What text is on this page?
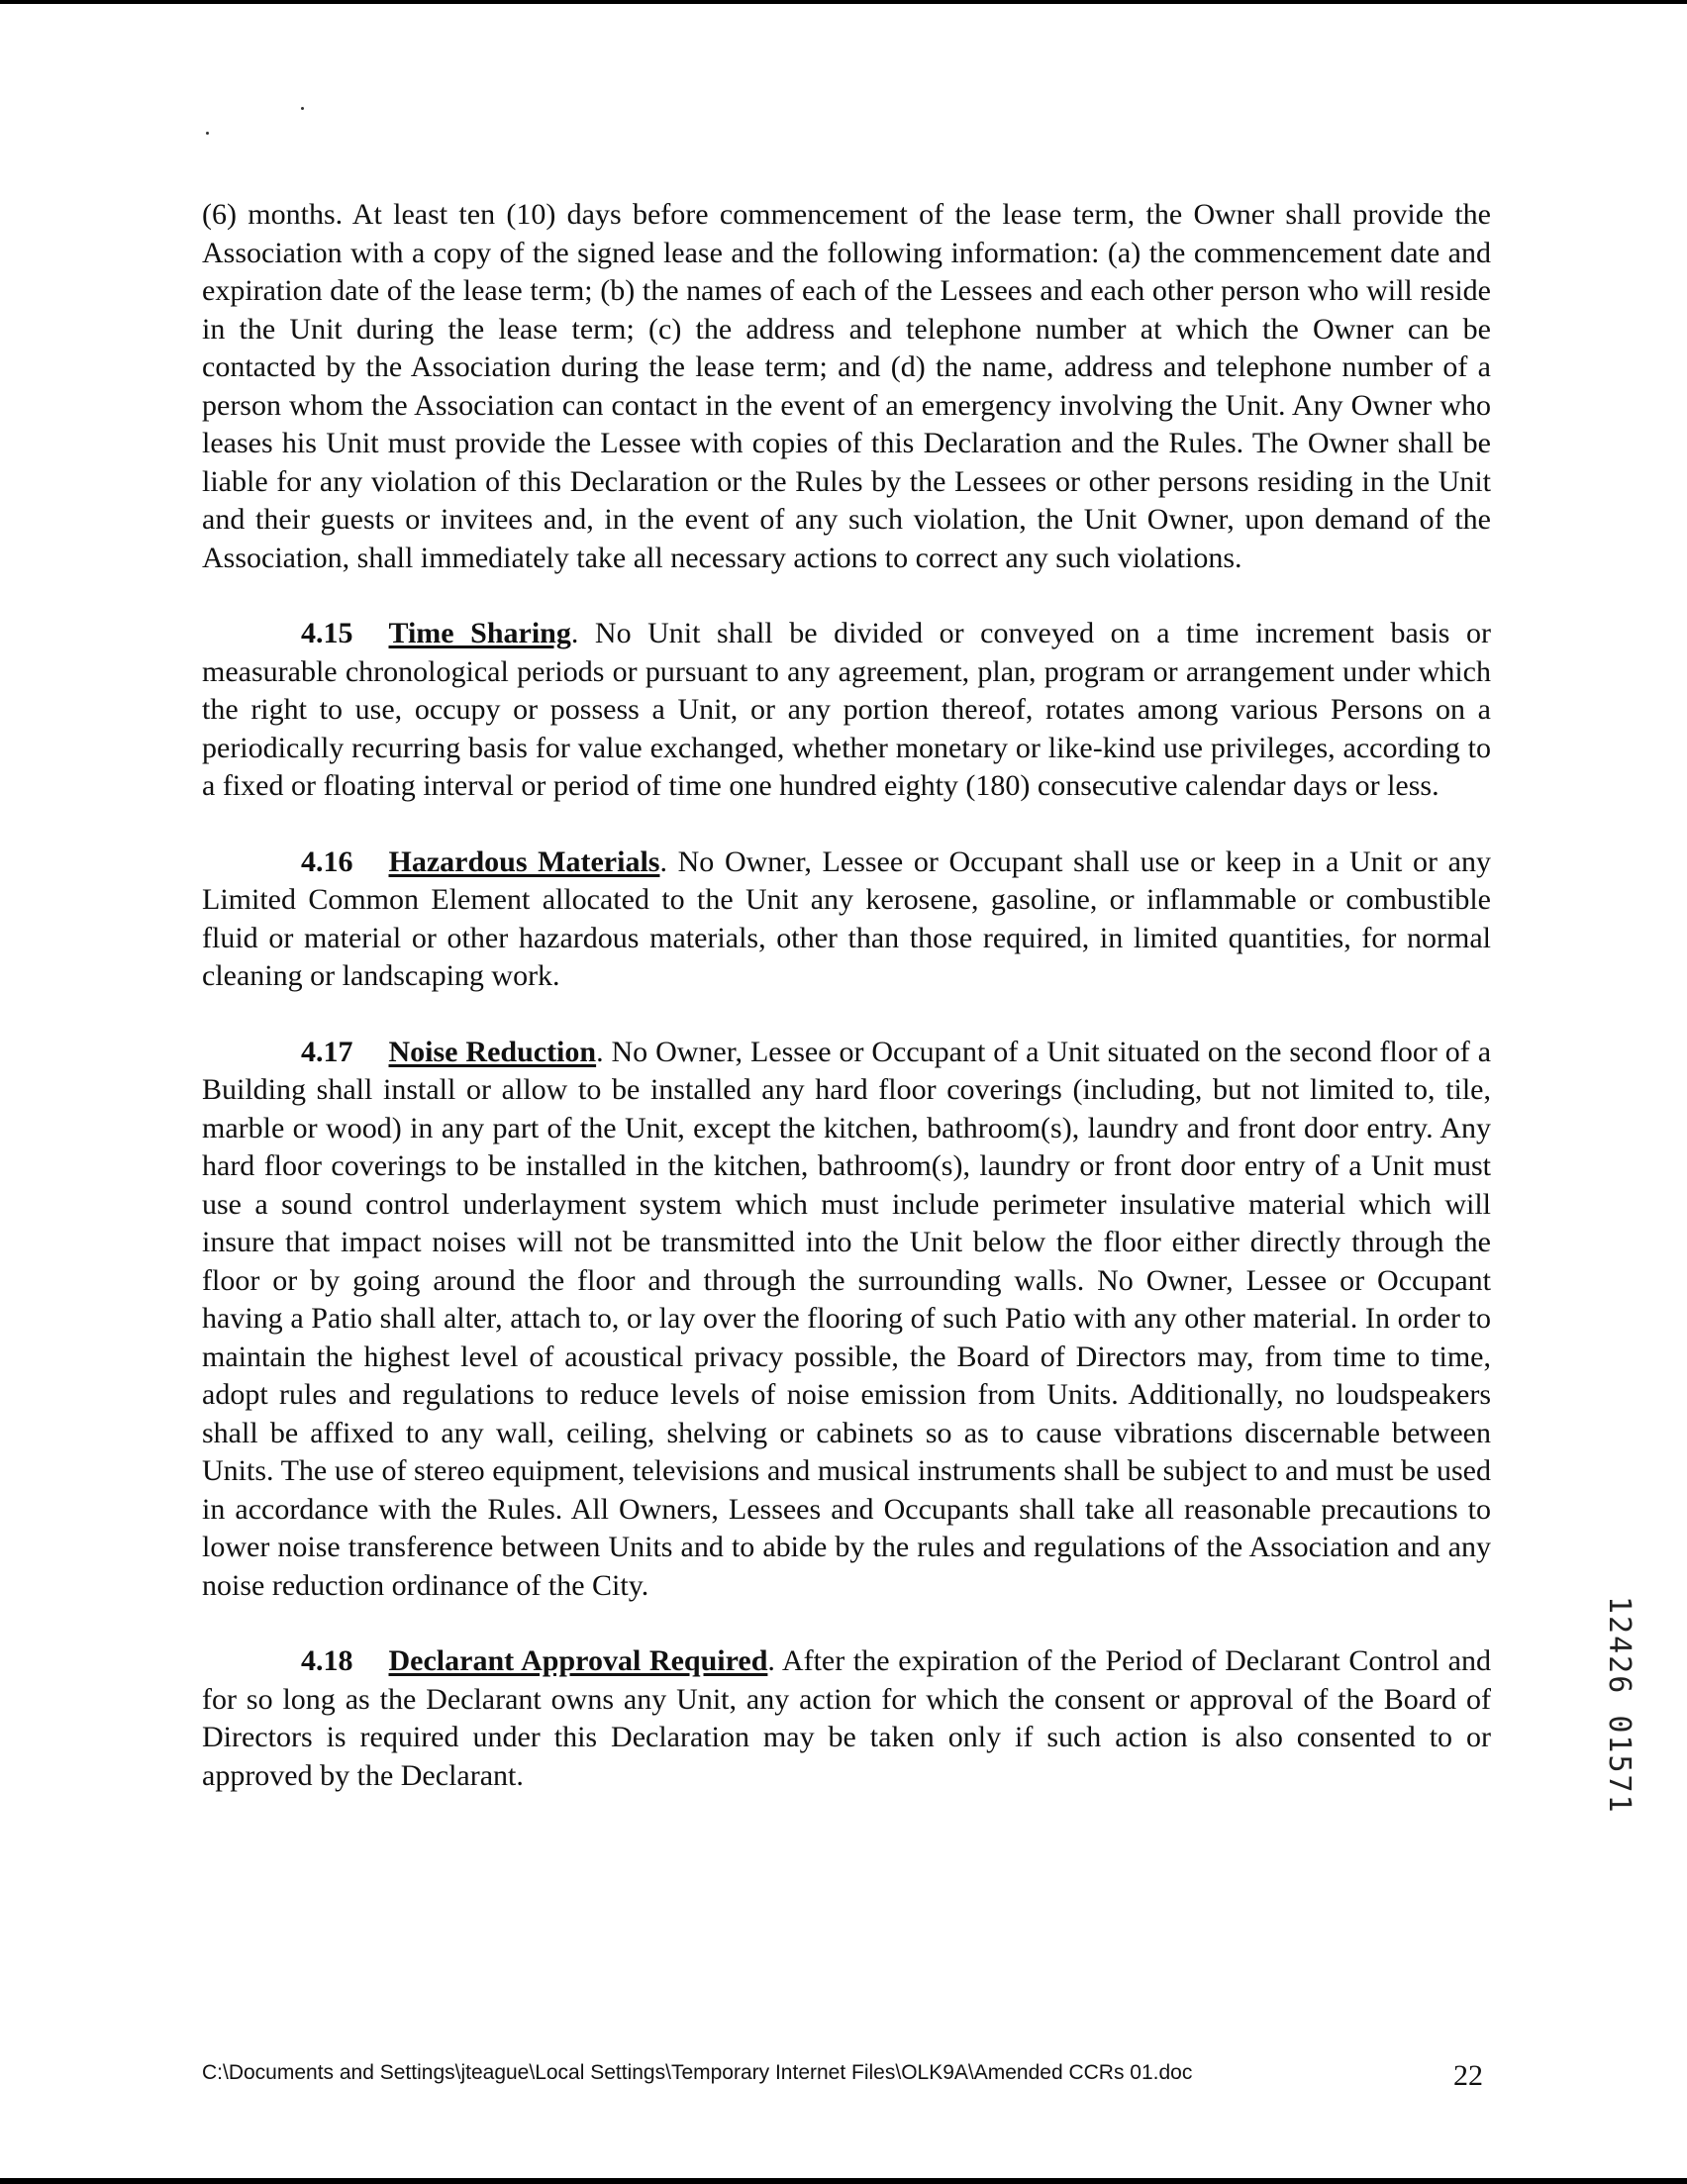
(6) months. At least ten (10) days before commencement of the lease term, the Owner shall provide the Association with a copy of the signed lease and the following information: (a) the commencement date and expiration date of the lease term; (b) the names of each of the Lessees and each other person who will reside in the Unit during the lease term; (c) the address and telephone number at which the Owner can be contacted by the Association during the lease term; and (d) the name, address and telephone number of a person whom the Association can contact in the event of an emergency involving the Unit. Any Owner who leases his Unit must provide the Lessee with copies of this Declaration and the Rules. The Owner shall be liable for any violation of this Declaration or the Rules by the Lessees or other persons residing in the Unit and their guests or invitees and, in the event of any such violation, the Unit Owner, upon demand of the Association, shall immediately take all necessary actions to correct any such violations.

4.15 Time Sharing. No Unit shall be divided or conveyed on a time increment basis or measurable chronological periods or pursuant to any agreement, plan, program or arrangement under which the right to use, occupy or possess a Unit, or any portion thereof, rotates among various Persons on a periodically recurring basis for value exchanged, whether monetary or like-kind use privileges, according to a fixed or floating interval or period of time one hundred eighty (180) consecutive calendar days or less.

4.16 Hazardous Materials. No Owner, Lessee or Occupant shall use or keep in a Unit or any Limited Common Element allocated to the Unit any kerosene, gasoline, or inflammable or combustible fluid or material or other hazardous materials, other than those required, in limited quantities, for normal cleaning or landscaping work.

4.17 Noise Reduction. No Owner, Lessee or Occupant of a Unit situated on the second floor of a Building shall install or allow to be installed any hard floor coverings (including, but not limited to, tile, marble or wood) in any part of the Unit, except the kitchen, bathroom(s), laundry and front door entry. Any hard floor coverings to be installed in the kitchen, bathroom(s), laundry or front door entry of a Unit must use a sound control underlayment system which must include perimeter insulative material which will insure that impact noises will not be transmitted into the Unit below the floor either directly through the floor or by going around the floor and through the surrounding walls. No Owner, Lessee or Occupant having a Patio shall alter, attach to, or lay over the flooring of such Patio with any other material. In order to maintain the highest level of acoustical privacy possible, the Board of Directors may, from time to time, adopt rules and regulations to reduce levels of noise emission from Units. Additionally, no loudspeakers shall be affixed to any wall, ceiling, shelving or cabinets so as to cause vibrations discernable between Units. The use of stereo equipment, televisions and musical instruments shall be subject to and must be used in accordance with the Rules. All Owners, Lessees and Occupants shall take all reasonable precautions to lower noise transference between Units and to abide by the rules and regulations of the Association and any noise reduction ordinance of the City.

4.18 Declarant Approval Required. After the expiration of the Period of Declarant Control and for so long as the Declarant owns any Unit, any action for which the consent or approval of the Board of Directors is required under this Declaration may be taken only if such action is also consented to or approved by the Declarant.	12426 01571
C:\Documents and Settings\jteague\Local Settings\Temporary Internet Files\OLK9A\Amended CCRs 01.doc	22
